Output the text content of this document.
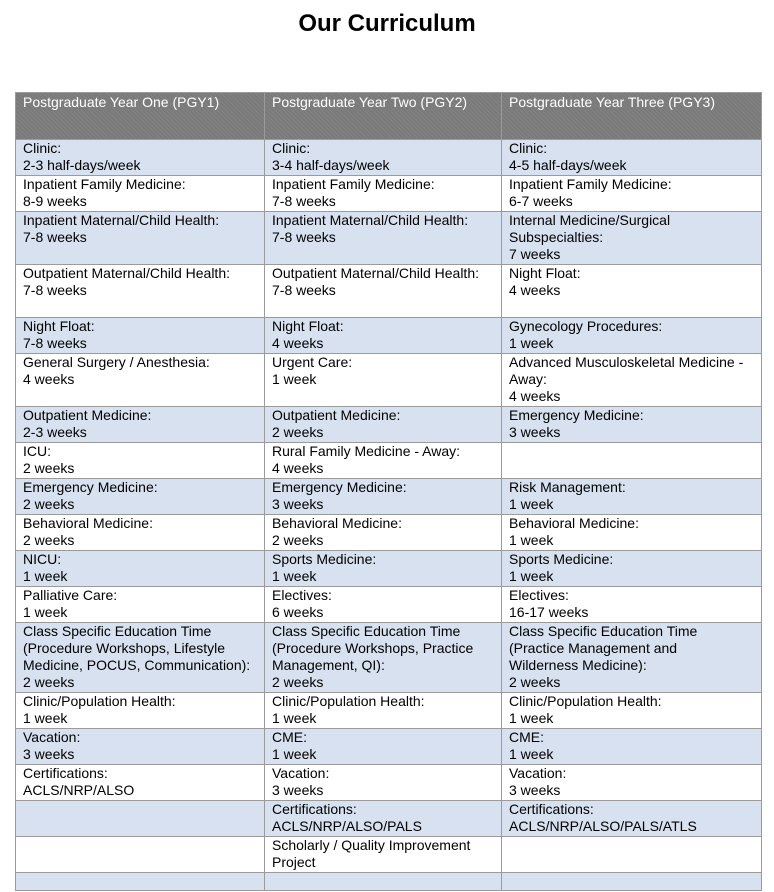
Our Curriculum
Postgraduate Year One (PGY1)	Postgraduate Year Two (PGY2)	Postgraduate Year Three (PGY3)

Clinic:
2-3 half-days/week	Clinic:
3-4 half-days/week	Clinic:
4-5 half-days/week

Inpatient Family Medicine:
8-9 weeks	Inpatient Family Medicine:
7-8 weeks	Inpatient Family Medicine:
6-7 weeks

Inpatient Maternal/Child Health:
7-8 weeks	Inpatient Maternal/Child Health:
7-8 weeks	Internal Medicine/Surgical
Subspecialties:
7 weeks

Outpatient Maternal/Child Health:
7-8 weeks	Outpatient Maternal/Child Health:
7-8 weeks	Night Float:
4 weeks

Night Float:
7-8 weeks	Night Float:
4 weeks	Gynecology Procedures:
1 week

General Surgery / Anesthesia:
4 weeks	Urgent Care:
1 week	Advanced Musculoskeletal Medicine -
Away:
4 weeks

Outpatient Medicine:
2-3 weeks	Outpatient Medicine:
2 weeks	Emergency Medicine:
3 weeks

ICU:
2 weeks	Rural Family Medicine - Away:
4 weeks	

Emergency Medicine:
2 weeks	Emergency Medicine:
3 weeks	Risk Management:
1 week

Behavioral Medicine:
2 weeks	Behavioral Medicine:
2 weeks	Behavioral Medicine:
1 week

NICU:
1 week	Sports Medicine:
1 week	Sports Medicine:
1 week

Palliative Care:
1 week	Electives:
6 weeks	Electives:
16-17 weeks

Class Specific Education Time
(Procedure Workshops, Lifestyle
Medicine, POCUS, Communication):
2 weeks	Class Specific Education Time
(Procedure Workshops, Practice
Management, QI):
2 weeks	Class Specific Education Time
(Practice Management and
Wilderness Medicine):
2 weeks

Clinic/Population Health:
1 week	Clinic/Population Health:
1 week	Clinic/Population Health:
1 week

Vacation:
3 weeks	CME:
1 week	CME:
1 week

Certifications:
ACLS/NRP/ALSO	Vacation:
3 weeks	Vacation:
3 weeks

	Certifications:
ACLS/NRP/ALSO/PALS	Certifications:
ACLS/NRP/ALSO/PALS/ATLS

	Scholarly / Quality Improvement
Project	
